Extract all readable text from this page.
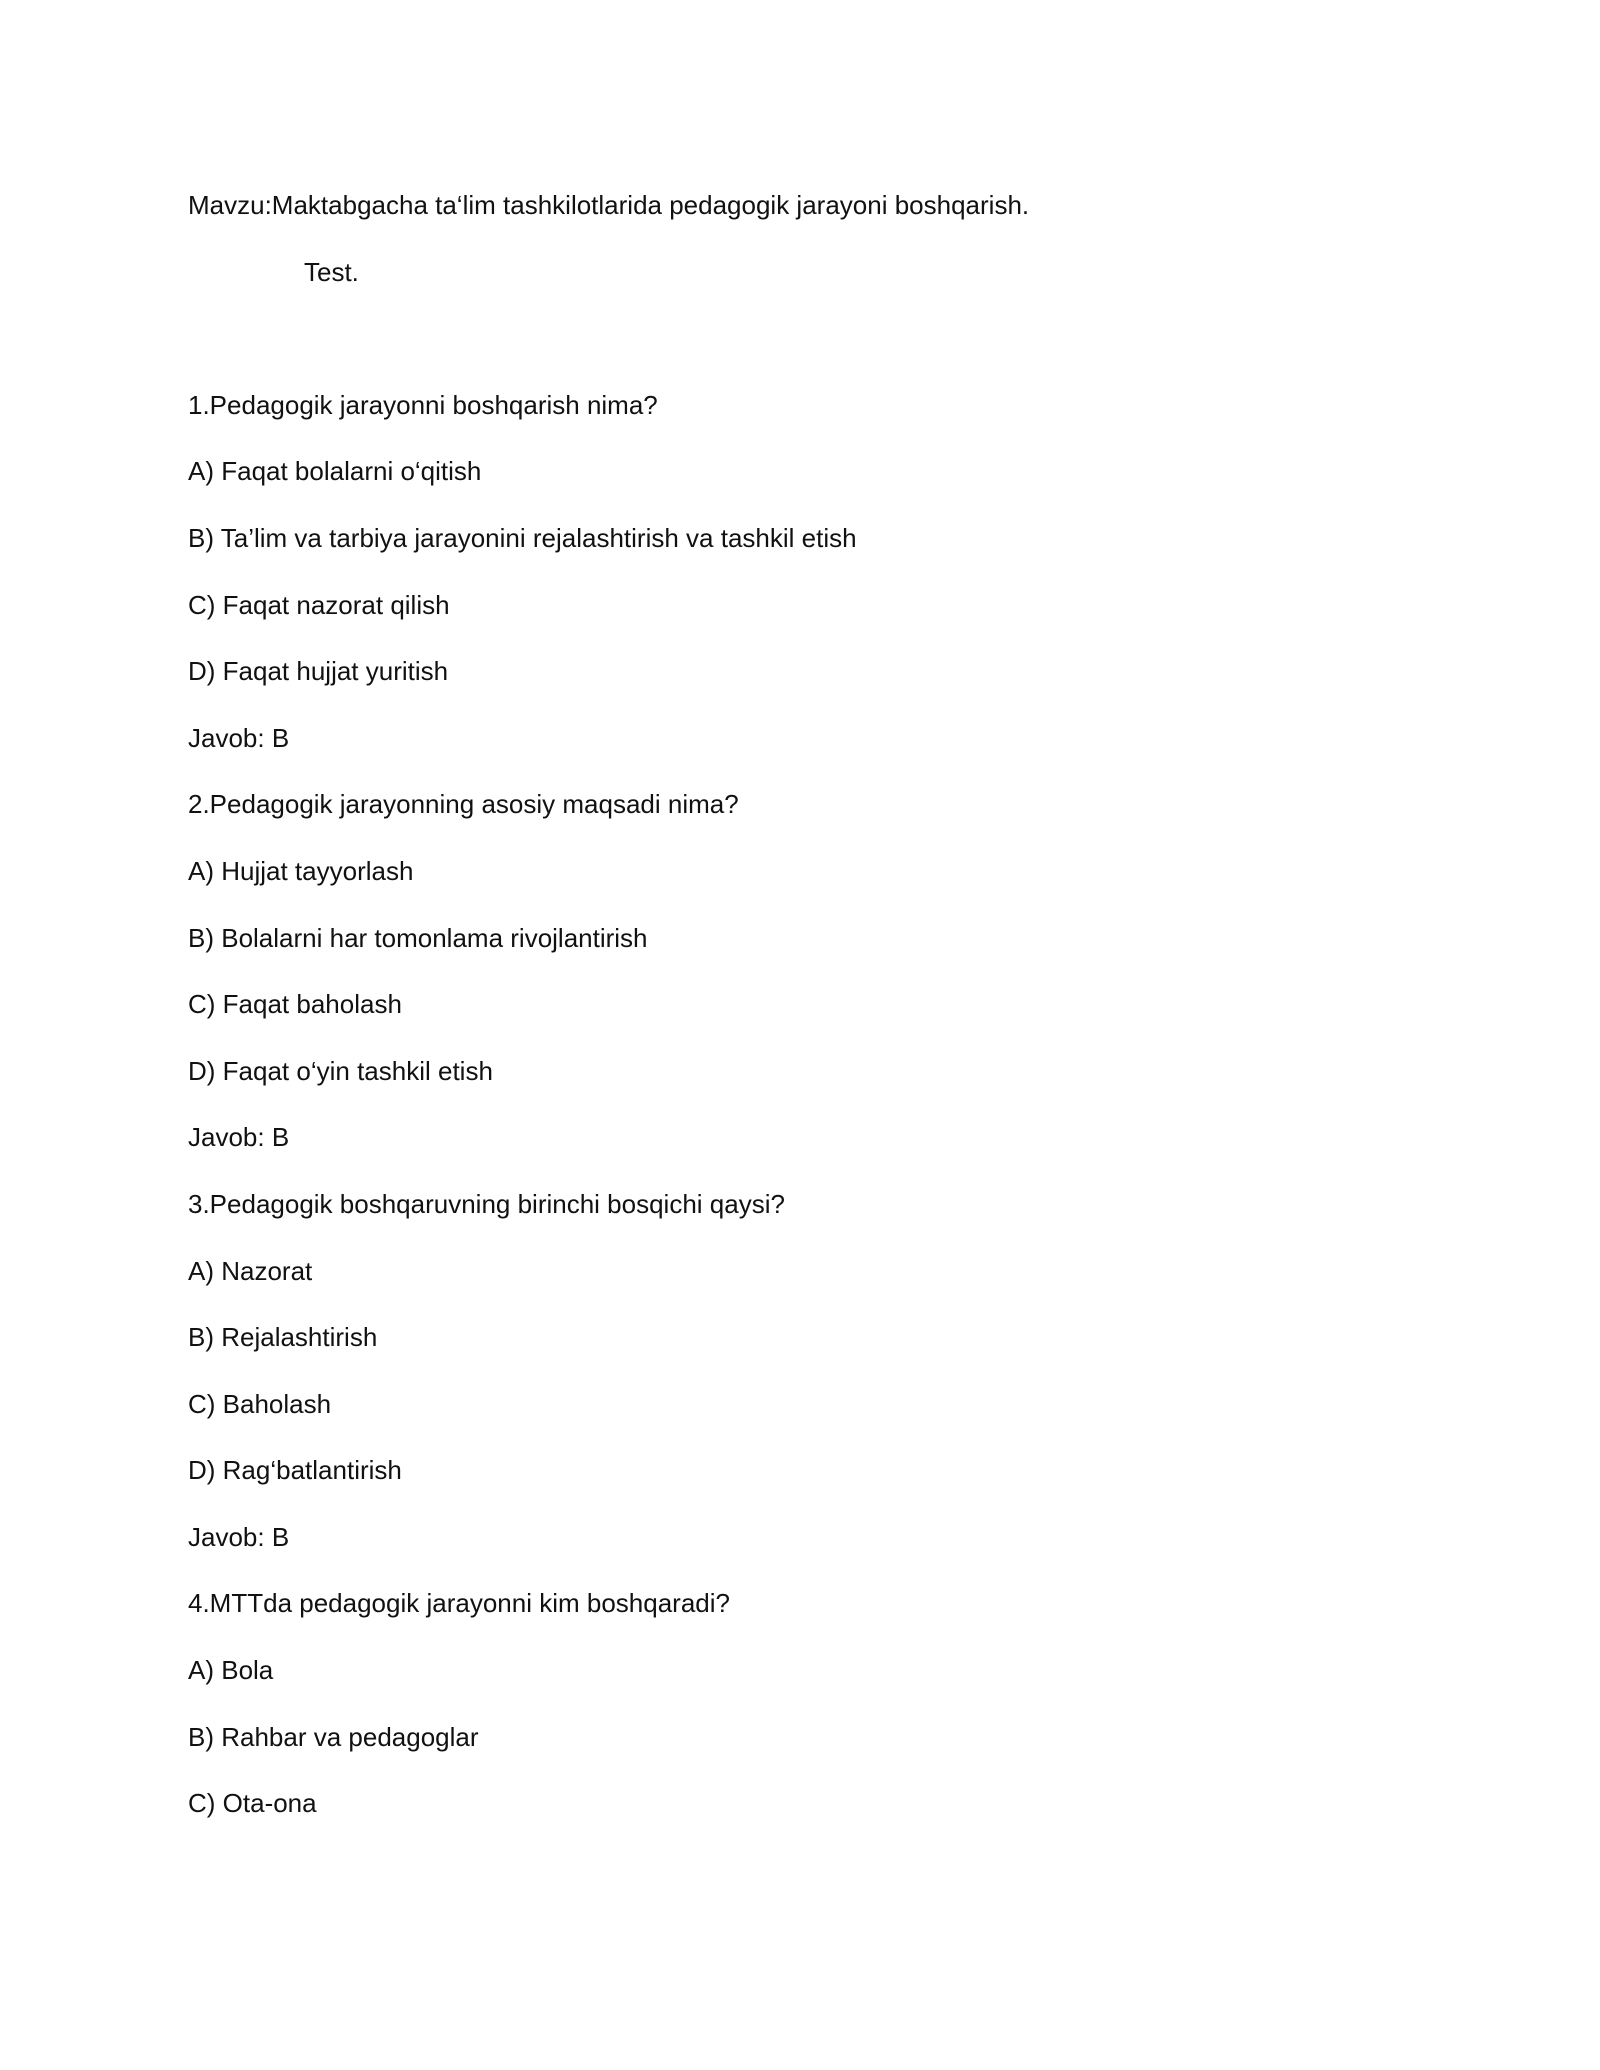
Mavzu:Maktabgacha ta‘lim tashkilotlarida pedagogik jarayoni boshqarish.
Test.
1.Pedagogik jarayonni boshqarish nima?
A) Faqat bolalarni o‘qitish
B) Ta’lim va tarbiya jarayonini rejalashtirish va tashkil etish
C) Faqat nazorat qilish
D) Faqat hujjat yuritish
Javob: B
2.Pedagogik jarayonning asosiy maqsadi nima?
A) Hujjat tayyorlash
B) Bolalarni har tomonlama rivojlantirish
C) Faqat baholash
D) Faqat o‘yin tashkil etish
Javob: B
3.Pedagogik boshqaruvning birinchi bosqichi qaysi?
A) Nazorat
B) Rejalashtirish
C) Baholash
D) Rag‘batlantirish
Javob: B
4.MTTda pedagogik jarayonni kim boshqaradi?
A) Bola
B) Rahbar va pedagoglar
C) Ota-ona
